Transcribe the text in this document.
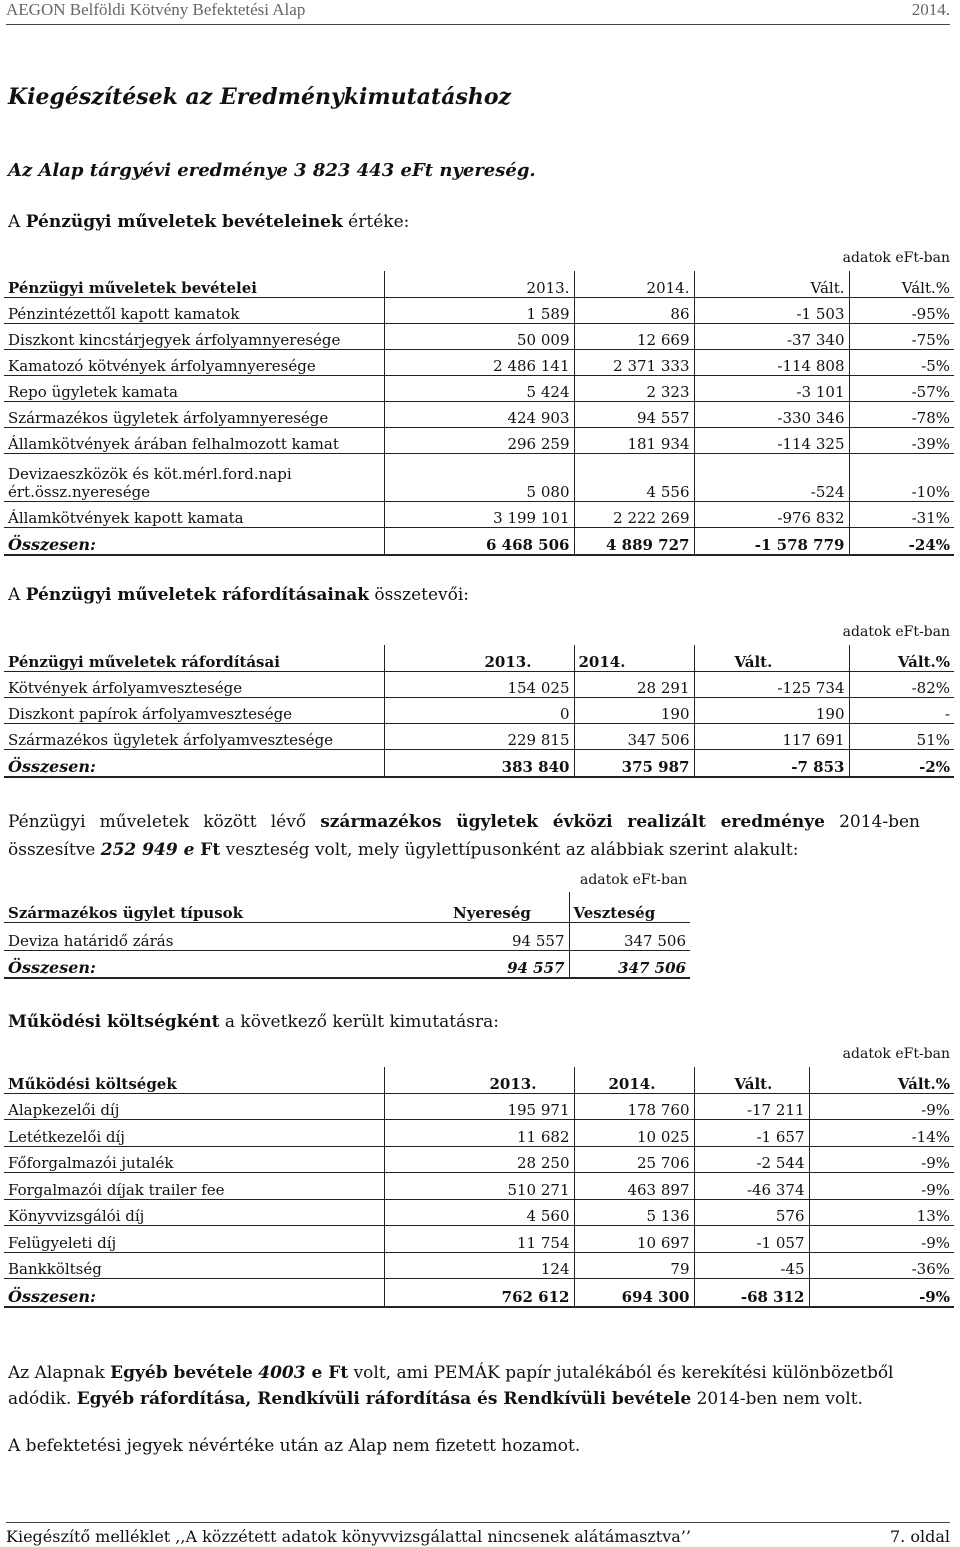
AEGON Belföldi Kötvény Befektetési Alap	2014.
Kiegészítések az Eredménykimutatáshoz
Az Alap tárgyévi eredménye 3 823 443 eFt nyereség.
A Pénzügyi műveletek bevételeinek értéke:
adatok eFt-ban
Pénzügyi műveletek bevételei	2013.	2014.	Vált.	Vált.%
Pénzintézettől kapott kamatok	1 589	86	-1 503	-95%
Diszkont kincstárjegyek árfolyamnyeresége	50 009	12 669	-37 340	-75%
Kamatozó kötvények árfolyamnyeresége	2 486 141	2 371 333	-114 808	-5%
Repo ügyletek kamata	5 424	2 323	-3 101	-57%
Származékos ügyletek árfolyamnyeresége	424 903	94 557	-330 346	-78%
Államkötvények árában felhalmozott kamat	296 259	181 934	-114 325	-39%
Devizaeszközök és köt.mérl.ford.napi ért.össz.nyeresége	5 080	4 556	-524	-10%
Államkötvények kapott kamata	3 199 101	2 222 269	-976 832	-31%
Összesen:	6 468 506	4 889 727	-1 578 779	-24%
A Pénzügyi műveletek ráfordításainak összetevői:
adatok eFt-ban
Pénzügyi műveletek ráfordításai	2013.	2014.	Vált.	Vált.%
Kötvények árfolyamvesztesége	154 025	28 291	-125 734	-82%
Diszkont papírok árfolyamvesztesége	0	190	190	-
Származékos ügyletek árfolyamvesztesége	229 815	347 506	117 691	51%
Összesen:	383 840	375 987	-7 853	-2%
Pénzügyi műveletek között lévő származékos ügyletek évközi realizált eredménye 2014-ben összesítve 252 949 e Ft veszteség volt, mely ügylettípusonként az alábbiak szerint alakult:
adatok eFt-ban
Származékos ügylet típusok	Nyereség	Veszteség
Deviza határidő zárás	94 557	347 506
Összesen:	94 557	347 506
Működési költségként a következő került kimutatásra:
adatok eFt-ban
Működési költségek	2013.	2014.	Vált.	Vált.%
Alapkezelői díj	195 971	178 760	-17 211	-9%
Letétkezelői díj	11 682	10 025	-1 657	-14%
Főforgalmazói jutalék	28 250	25 706	-2 544	-9%
Forgalmazói díjak trailer fee	510 271	463 897	-46 374	-9%
Könyvvizsgálói díj	4 560	5 136	576	13%
Felügyeleti díj	11 754	10 697	-1 057	-9%
Bankköltség	124	79	-45	-36%
Összesen:	762 612	694 300	-68 312	-9%
Az Alapnak Egyéb bevétele 4003 e Ft volt, ami PEMÁK papír jutalékából és kerekítési különbözetből adódik. Egyéb ráfordítása, Rendkívüli ráfordítása és Rendkívüli bevétele 2014-ben nem volt.
A befektetési jegyek névértéke után az Alap nem fizetett hozamot.
Kiegészítő melléklet ,,A közzétett adatok könyvvizsgálattal nincsenek alátámasztva’’	7. oldal
